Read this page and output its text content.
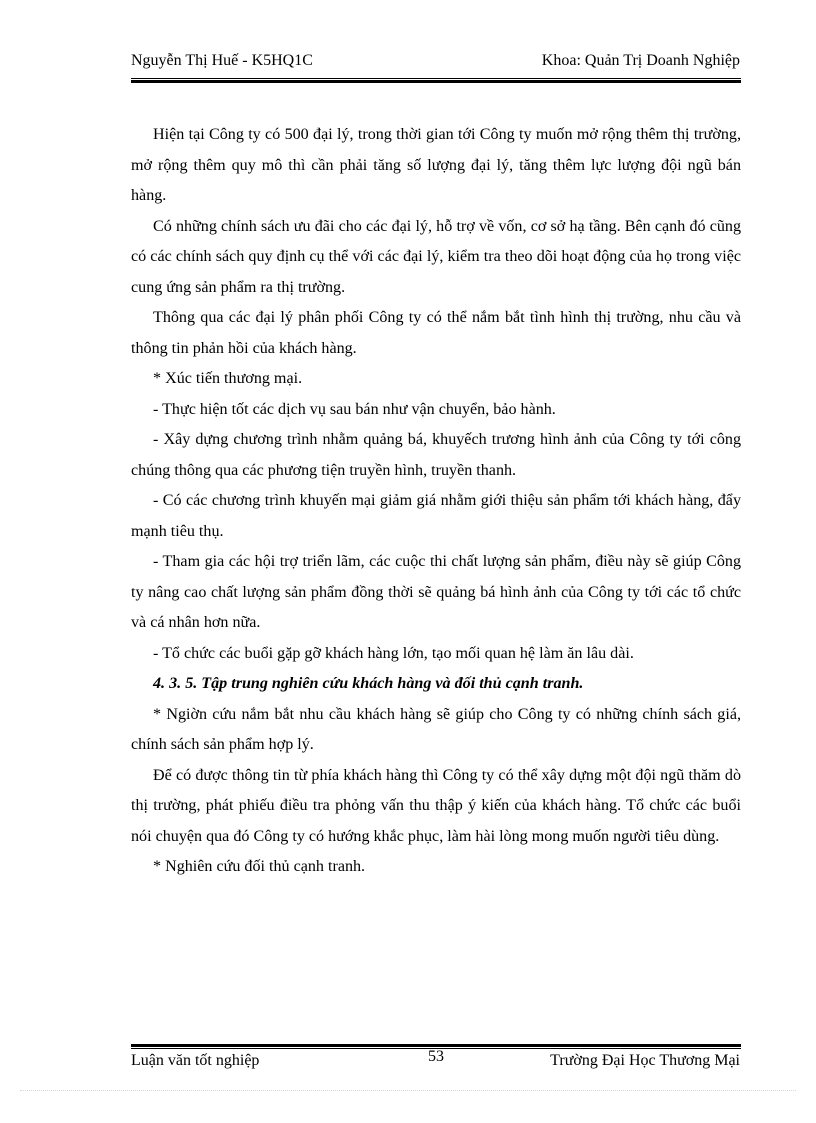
Nguyễn Thị Huế - K5HQ1C	Khoa: Quản Trị Doanh Nghiệp

Hiện tại Công ty có 500 đại lý, trong thời gian tới Công ty muốn mở rộng thêm thị trường, mở rộng thêm quy mô thì cần phải tăng số lượng đại lý, tăng thêm lực lượng đội ngũ bán hàng.

Có những chính sách ưu đãi cho các đại lý, hỗ trợ về vốn, cơ sở hạ tầng. Bên cạnh đó cũng có các chính sách quy định cụ thể với các đại lý, kiểm tra theo dõi hoạt động của họ trong việc cung ứng sản phẩm ra thị trường.

Thông qua các đại lý phân phối Công ty có thể nắm bắt tình hình thị trường, nhu cầu và thông tin phản hồi của khách hàng.

* Xúc tiến thương mại.

- Thực hiện tốt các dịch vụ sau bán như vận chuyển, bảo hành.

- Xây dựng chương trình nhằm quảng bá, khuyếch trương hình ảnh của Công ty tới công chúng thông qua các phương tiện truyền hình, truyền thanh.

- Có các chương trình khuyến mại giảm giá nhằm giới thiệu sản phẩm tới khách hàng, đẩy mạnh tiêu thụ.

- Tham gia các hội trợ triển lãm, các cuộc thi chất lượng sản phẩm, điều này sẽ giúp Công ty nâng cao chất lượng sản phẩm đồng thời sẽ quảng bá hình ảnh của Công ty tới các tổ chức và cá nhân hơn nữa.

- Tổ chức các buổi gặp gỡ khách hàng lớn, tạo mối quan hệ làm ăn lâu dài.

4. 3. 5. Tập trung nghiên cứu khách hàng và đối thủ cạnh tranh.

* Ngiờn cứu nắm bắt nhu cầu khách hàng sẽ giúp cho Công ty có những chính sách giá, chính sách sản phẩm hợp lý.

Để có được thông tin từ phía khách hàng thì Công ty có thể xây dựng một đội ngũ thăm dò thị trường, phát phiếu điều tra phỏng vấn thu thập ý kiến của khách hàng. Tổ chức các buổi nói chuyện qua đó Công ty có hướng khắc phục, làm hài lòng mong muốn người tiêu dùng.

* Nghiên cứu đối thủ cạnh tranh.

Luận văn tốt nghiệp	53	Trường Đại Học Thương Mại
